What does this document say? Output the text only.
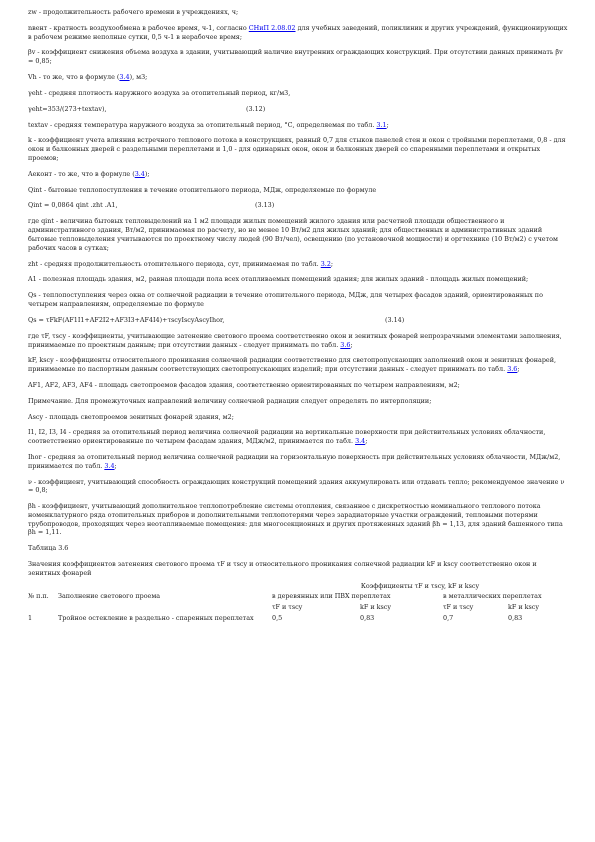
zw - продолжительность рабочего времени в учреждениях, ч;

nвент - кратность воздухообмена в рабочее время, ч-1, согласно СНиП 2.08.02 для учебных заведений, поликлиник и других учреждений, функционирующих в рабочем режиме неполные сутки, 0,5 ч-1 в нерабочее время;

βv - коэффициент снижения объема воздуха в здании, учитывающий наличие внутренних ограждающих конструкций. При отсутствии данных принимать βv = 0,85;

Vh - то же, что в формуле (3.4), м3;

γeht - средняя плотность наружного воздуха за отопительный период, кг/м3,

γeht=353/(273+textav),	(3.12)

textav - средняя температура наружного воздуха за отопительный период, °С, определяемая по табл. 3.1;

k - коэффициент учета влияния встречного теплового потока в конструкциях, равный 0,7 для стыков панелей стен и окон с тройными переплетами, 0,8 - для окон и балконных дверей с раздельными переплетами и 1,0 - для одинарных окон, окон и балконных дверей со спаренными переплетами и открытых проемов;

Aeконт - то же, что в формуле (3.4);

Qint - бытовые теплопоступления в течение отопительного периода, МДж, определяемые по формуле

Qint = 0,0864 qint .zht .A1,	(3.13)

где qint - величина бытовых тепловыделений на 1 м2 площади жилых помещений жилого здания или расчетной площади общественного и административного здания, Вт/м2, принимаемая по расчету, но не менее 10 Вт/м2 для жилых зданий; для общественных и административных зданий бытовые тепловыделения учитываются по проектному числу людей (90 Вт/чел), освещению (по установочной мощности) и оргтехнике (10 Вт/м2) с учетом рабочих часов в сутках;

zht - средняя продолжительность отопительного периода, сут, принимаемая по табл. 3.2;

A1 - полезная площадь здания, м2, равная площади пола всех отапливаемых помещений здания; для жилых зданий - площадь жилых помещений;

Qs - теплопоступления через окна от солнечной радиации в течение отопительного периода, МДж, для четырех фасадов зданий, ориентированных по четырем направлениям, определяемые по формуле

Qs = τFkF(AF1I1+AF2I2+AF3I3+AF4I4)+τscyIscyAscyIhor,	(3.14)

где τF, τscy - коэффициенты, учитывающие затенение светового проема соответственно окон и зенитных фонарей непрозрачными элементами заполнения, принимаемые по проектным данным; при отсутствии данных - следует принимать по табл. 3.6;

kF, kscy - коэффициенты относительного проникания солнечной радиации соответственно для светопропускающих заполнений окон и зенитных фонарей, принимаемые по паспортным данным соответствующих светопропускающих изделий; при отсутствии данных - следует принимать по табл. 3.6;

AF1, AF2, AF3, AF4 - площадь светопроемов фасадов здания, соответственно ориентированных по четырем направлениям, м2;

Примечание. Для промежуточных направлений величину солнечной радиации следует определять по интерполяции;

Ascy - площадь светопроемов зенитных фонарей здания, м2;

I1, I2, I3, I4 - средняя за отопительный период величина солнечной радиации на вертикальные поверхности при действительных условиях облачности, соответственно ориентированные по четырем фасадам здания, МДж/м2, принимается по табл. 3.4;

Ihor - средняя за отопительный период величина солнечной радиации на горизонтальную поверхность при действительных условиях облачности, МДж/м2, принимается по табл. 3.4;

ν - коэффициент, учитывающий способность ограждающих конструкций помещений здания аккумулировать или отдавать тепло; рекомендуемое значение ν = 0,8;

βh - коэффициент, учитывающий дополнительное теплопотребление системы отопления, связанное с дискретностью номинального теплового потока номенклатурного ряда отопительных приборов и дополнительными теплопотерями через зарадиаторные участки ограждений, тепловыми потерями трубопроводов, проходящих через неотапливаемые помещения: для многосекционных и других протяженных зданий βh = 1,13, для зданий башенного типа βh = 1,11.

Таблица 3.6

Значения коэффициентов затенения светового проема τF и τscy и относительного проникания солнечной радиации kF и kscy соответственно окон и зенитных фонарей

		Коэффициенты τF и τscy, kF и kscy			
№ п.п.	Заполнение светового проема	в деревянных или ПВХ переплетах		в металлических переплетах	
		τF и τscy	kF и kscy	τF и τscy	kF и kscy
1	Тройное остекление в раздельно - спаренных переплетах	0,5	0,83	0,7	0,83
